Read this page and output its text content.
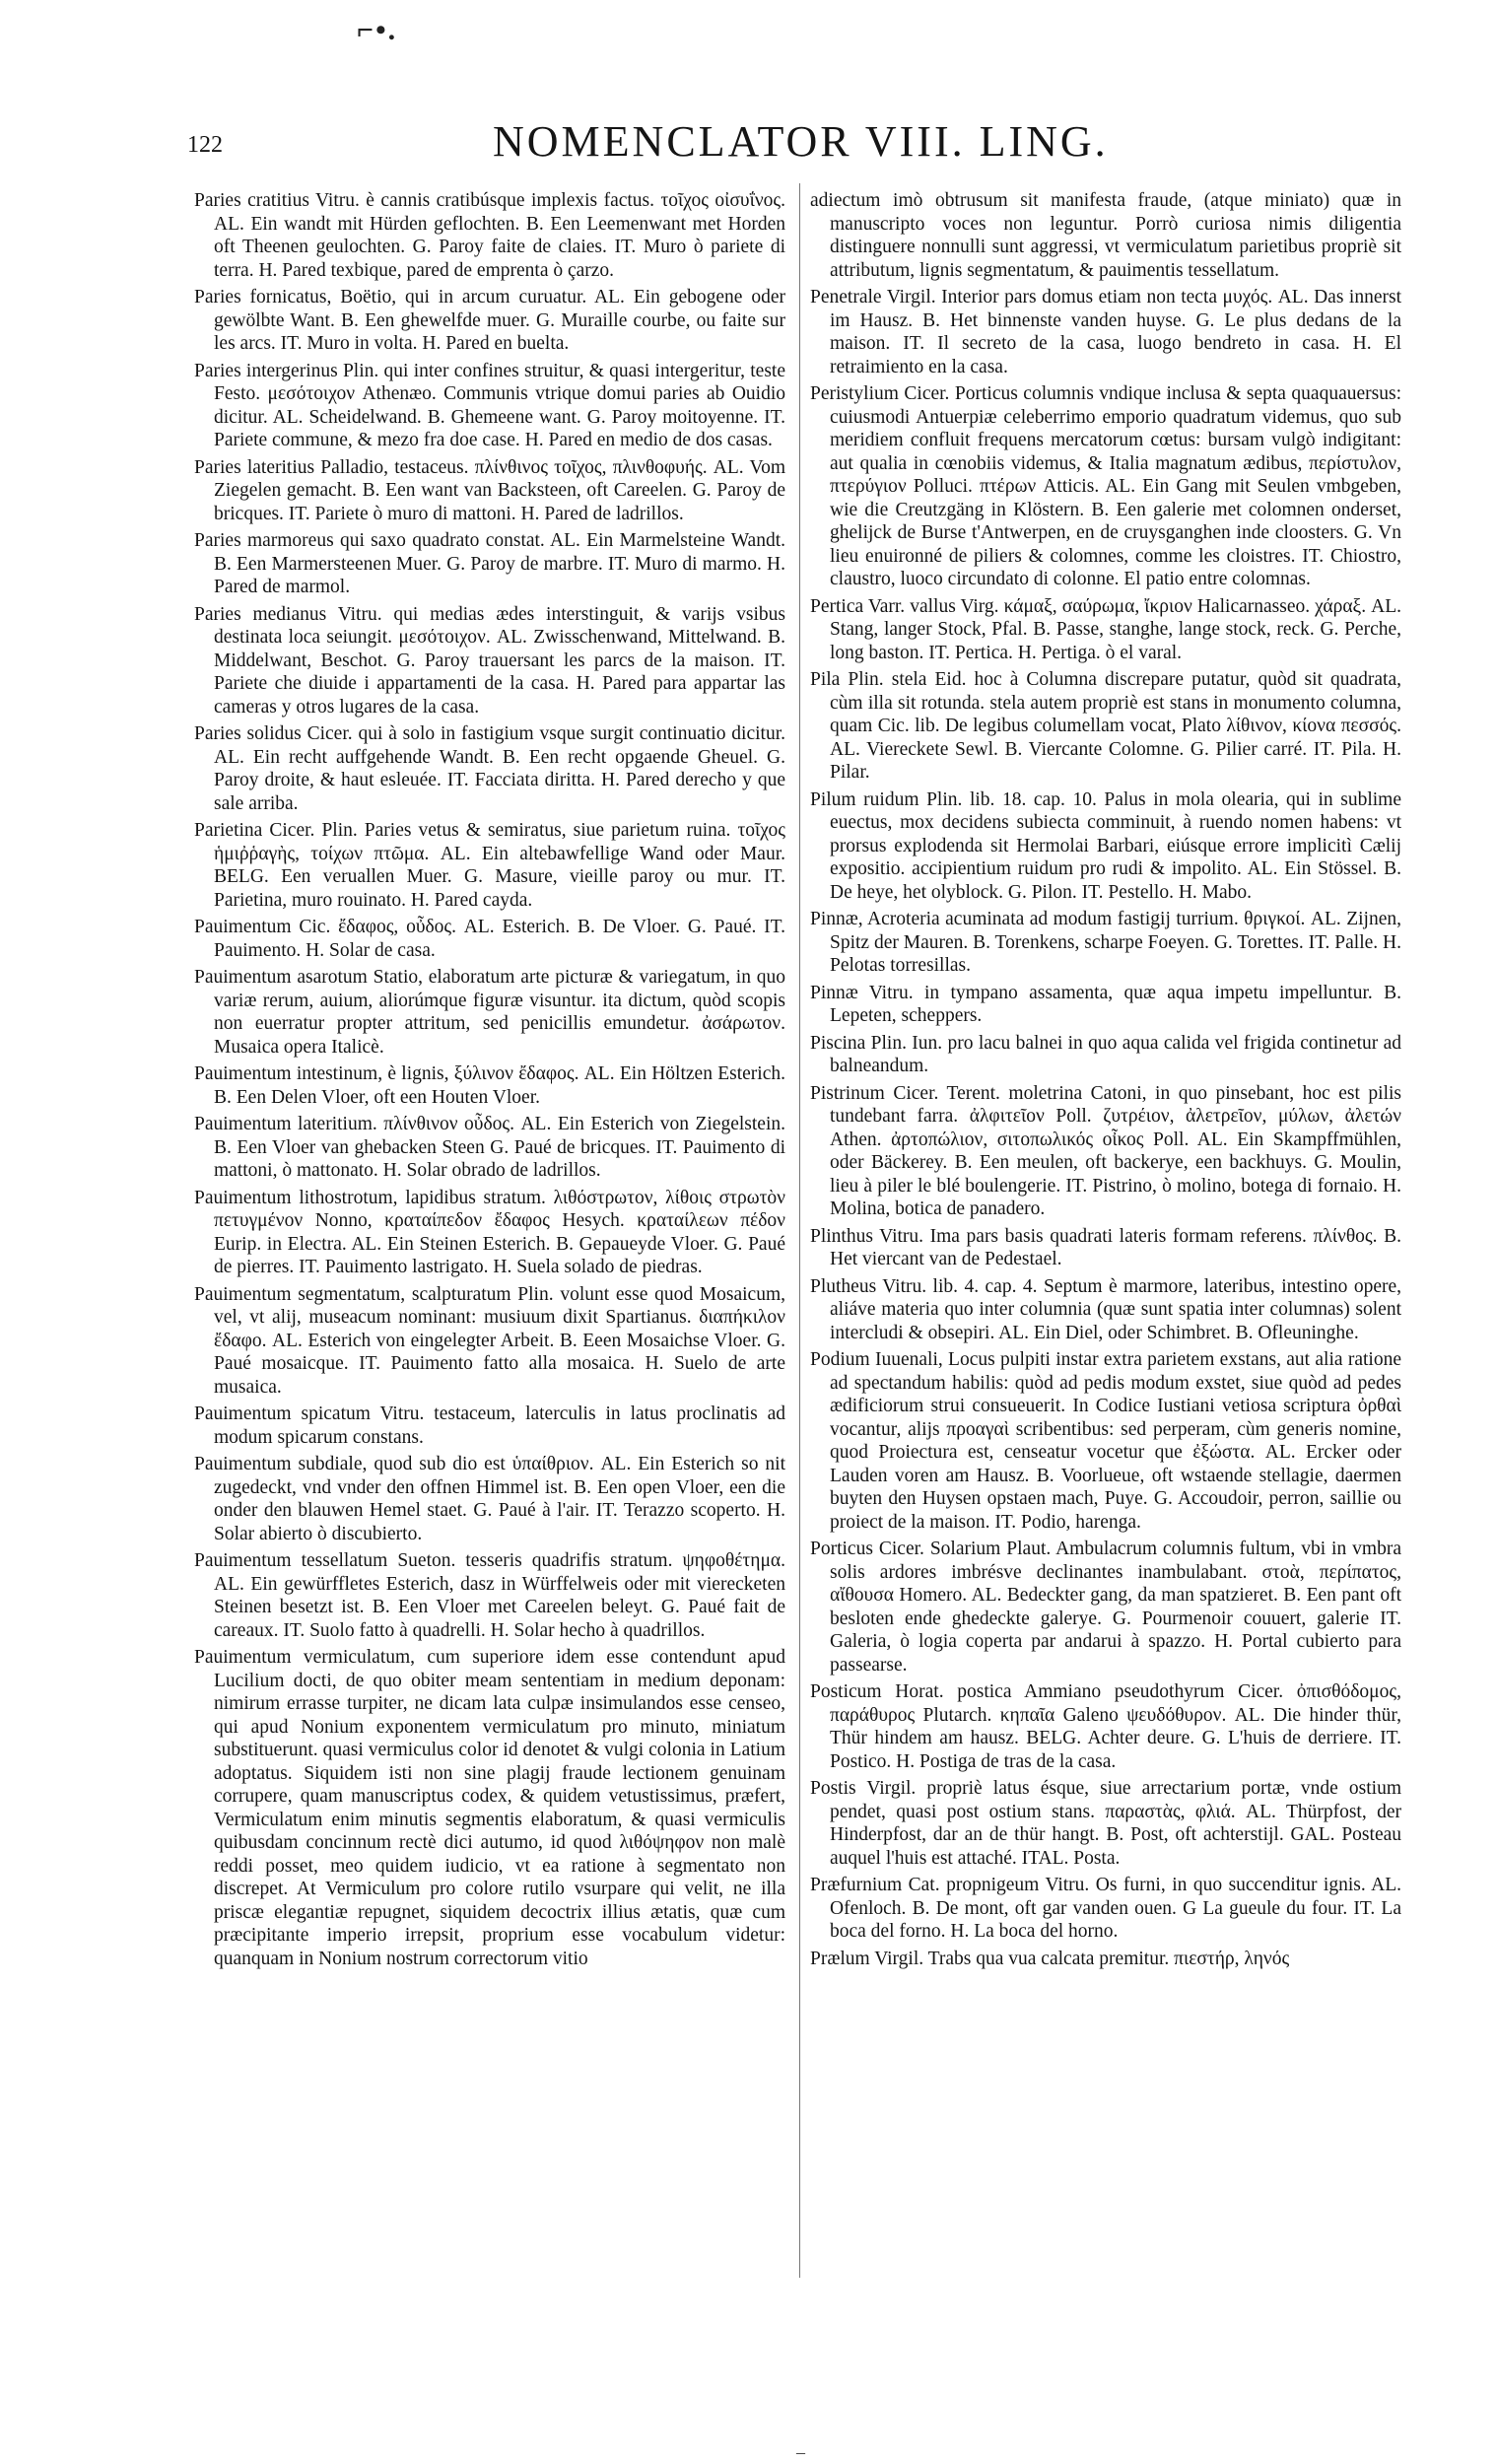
⌐•.
122	NOMENCLATOR VIII. LING.

Paries cratitius Vitru. è cannis cratibúsque implexis factus. τοῖχος οἰσυΐνος. AL. Ein wandt mit Hürden geflochten. B. Een Leemenwant met Horden oft Theenen geulochten. G. Paroy faite de claies. IT. Muro ò pariete di terra. H. Pared texbique, pared de emprenta ò çarzo.

Paries fornicatus, Boëtio, qui in arcum curuatur. AL. Ein gebogene oder gewölbte Want. B. Een ghewelfde muer. G. Muraille courbe, ou faite sur les arcs. IT. Muro in volta. H. Pared en buelta.

Paries intergerinus Plin. qui inter confines struitur, & quasi intergeritur, teste Festo. μεσότοιχον Athenæo. Communis vtrique domui paries ab Ouidio dicitur. AL. Scheidelwand. B. Ghemeene want. G. Paroy moitoyenne. IT. Pariete commune, & mezo fra doe case. H. Pared en medio de dos casas.

Paries lateritius Palladio, testaceus. πλίνθινος τοῖχος, πλινθοφυής. AL. Vom Ziegelen gemacht. B. Een want van Backsteen, oft Careelen. G. Paroy de bricques. IT. Pariete ò muro di mattoni. H. Pared de ladrillos.

Paries marmoreus qui saxo quadrato constat. AL. Ein Marmelsteine Wandt. B. Een Marmersteenen Muer. G. Paroy de marbre. IT. Muro di marmo. H. Pared de marmol.

Paries medianus Vitru. qui medias ædes interstinguit, & varijs vsibus destinata loca seiungit. μεσότοιχον. AL. Zwisschenwand, Mittelwand. B. Middelwant, Beschot. G. Paroy trauersant les parcs de la maison. IT. Pariete che diuide i appartamenti de la casa. H. Pared para appartar las cameras y otros lugares de la casa.

Paries solidus Cicer. qui à solo in fastigium vsque surgit continuatio dicitur. AL. Ein recht auffgehende Wandt. B. Een recht opgaende Gheuel. G. Paroy droite, & haut esleuée. IT. Facciata diritta. H. Pared derecho y que sale arriba.

Parietina Cicer. Plin. Paries vetus & semiratus, siue parietum ruina. τοῖχος ἡμιῤῥαγὴς, τοίχων πτῶμα. AL. Ein altebawfellige Wand oder Maur. BELG. Een veruallen Muer. G. Masure, vieille paroy ou mur. IT. Parietina, muro rouinato. H. Pared cayda.

Pauimentum Cic. ἔδαφος, οὖδος. AL. Esterich. B. De Vloer. G. Paué. IT. Pauimento. H. Solar de casa.

Pauimentum asarotum Statio, elaboratum arte picturæ & variegatum, in quo variæ rerum, auium, aliorúmque figuræ visuntur. ita dictum, quòd scopis non euerratur propter attritum, sed penicillis emundetur. ἀσάρωτον. Musaica opera Italicè.

Pauimentum intestinum, è lignis, ξύλινον ἔδαφος. AL. Ein Höltzen Esterich. B. Een Delen Vloer, oft een Houten Vloer.

Pauimentum lateritium. πλίνθινον οὖδος. AL. Ein Esterich von Ziegelstein. B. Een Vloer van ghebacken Steen G. Paué de bricques. IT. Pauimento di mattoni, ò mattonato. H. Solar obrado de ladrillos.

Pauimentum lithostrotum, lapidibus stratum. λιθόστρωτον, λίθοις στρωτὸν πετυγμένον Nonno, κραταίπεδον ἔδαφος Hesych. κραταίλεων πέδον Eurip. in Electra. AL. Ein Steinen Esterich. B. Gepaueyde Vloer. G. Paué de pierres. IT. Pauimento lastrigato. H. Suela solado de piedras.

Pauimentum segmentatum, scalpturatum Plin. volunt esse quod Mosaicum, vel, vt alij, museacum nominant: musiuum dixit Spartianus. διαπήκιλον ἔδαφο. AL. Esterich von eingelegter Arbeit. B. Eeen Mosaichse Vloer. G. Paué mosaicque. IT. Pauimento fatto alla mosaica. H. Suelo de arte musaica.

Pauimentum spicatum Vitru. testaceum, laterculis in latus proclinatis ad modum spicarum constans.

Pauimentum subdiale, quod sub dio est ὑπαίθριον. AL. Ein Esterich so nit zugedeckt, vnd vnder den offnen Himmel ist. B. Een open Vloer, een die onder den blauwen Hemel staet. G. Paué à l'air. IT. Terazzo scoperto. H. Solar abierto ò discubierto.

Pauimentum tessellatum Sueton. tesseris quadrifis stratum. ψηφοθέτημα. AL. Ein gewürffletes Esterich, dasz in Würffelweis oder mit vierecketen Steinen besetzt ist. B. Een Vloer met Careelen beleyt. G. Paué fait de careaux. IT. Suolo fatto à quadrelli. H. Solar hecho à quadrillos.

Pauimentum vermiculatum, cum superiore idem esse contendunt apud Lucilium docti, de quo obiter meam sententiam in medium deponam: nimirum errasse turpiter, ne dicam lata culpæ insimulandos esse censeo, qui apud Nonium exponentem vermiculatum pro minuto, miniatum substituerunt. quasi vermiculus color id denotet & vulgi colonia in Latium adoptatus. Siquidem isti non sine plagij fraude lectionem genuinam corrupere, quam manuscriptus codex, & quidem vetustissimus, præfert, Vermiculatum enim minutis segmentis elaboratum, & quasi vermiculis quibusdam concinnum rectè dici autumo, id quod λιθόψηφον non malè reddi posset, meo quidem iudicio, vt ea ratione à segmentato non discrepet. At Vermiculum pro colore rutilo vsurpare qui velit, ne illa priscæ elegantiæ repugnet, siquidem decoctrix illius ætatis, quæ cum præcipitante imperio irrepsit, proprium esse vocabulum videtur: quanquam in Nonium nostrum correctorum vitio

adiectum imò obtrusum sit manifesta fraude, (atque miniato) quæ in manuscripto voces non leguntur. Porrò curiosa nimis diligentia distinguere nonnulli sunt aggressi, vt vermiculatum parietibus propriè sit attributum, lignis segmentatum, & pauimentis tessellatum.

Penetrale Virgil. Interior pars domus etiam non tecta μυχός. AL. Das innerst im Hausz. B. Het binnenste vanden huyse. G. Le plus dedans de la maison. IT. Il secreto de la casa, luogo bendreto in casa. H. El retraimiento en la casa.

Peristylium Cicer. Porticus columnis vndique inclusa & septa quaquauersus: cuiusmodi Antuerpiæ celeberrimo emporio quadratum videmus, quo sub meridiem confluit frequens mercatorum cœtus: bursam vulgò indigitant: aut qualia in cœnobiis videmus, & Italia magnatum ædibus, περίστυλον, πτερύγιον Polluci. πτέρων Atticis. AL. Ein Gang mit Seulen vmbgeben, wie die Creutzgäng in Klöstern. B. Een galerie met colomnen onderset, ghelijck de Burse t'Antwerpen, en de cruysganghen inde cloosters. G. Vn lieu enuironné de piliers & colomnes, comme les cloistres. IT. Chiostro, claustro, luoco circundato di colonne. El patio entre colomnas.

Pertica Varr. vallus Virg. κάμαξ, σαύρωμα, ἴκριον Halicarnasseo. χάραξ. AL. Stang, langer Stock, Pfal. B. Passe, stanghe, lange stock, reck. G. Perche, long baston. IT. Pertica. H. Pertiga. ò el varal.

Pila Plin. stela Eid. hoc à Columna discrepare putatur, quòd sit quadrata, cùm illa sit rotunda. stela autem propriè est stans in monumento columna, quam Cic. lib. De legibus columellam vocat, Plato λίθινον, κίονα πεσσός. AL. Viereckete Sewl. B. Viercante Colomne. G. Pilier carré. IT. Pila. H. Pilar.

Pilum ruidum Plin. lib. 18. cap. 10. Palus in mola olearia, qui in sublime euectus, mox decidens subiecta comminuit, à ruendo nomen habens: vt prorsus explodenda sit Hermolai Barbari, eiúsque errore implicitì Cælij expositio. accipientium ruidum pro rudi & impolito. AL. Ein Stössel. B. De heye, het olyblock. G. Pilon. IT. Pestello. H. Mabo.

Pinnæ, Acroteria acuminata ad modum fastigij turrium. θριγκοί. AL. Zijnen, Spitz der Mauren. B. Torenkens, scharpe Foeyen. G. Torettes. IT. Palle. H. Pelotas torresillas.

Pinnæ Vitru. in tympano assamenta, quæ aqua impetu impelluntur. B. Lepeten, scheppers.

Piscina Plin. Iun. pro lacu balnei in quo aqua calida vel frigida continetur ad balneandum.

Pistrinum Cicer. Terent. moletrina Catoni, in quo pinsebant, hoc est pilis tundebant farra. ἀλφιτεῖον Poll. ζυτρέιον, ἀλετρεῖον, μύλων, ἀλετών Athen. ἀρτοπώλιον, σιτοπωλικός οἶκος Poll. AL. Ein Skampffmühlen, oder Bäckerey. B. Een meulen, oft backerye, een backhuys. G. Moulin, lieu à piler le blé boulengerie. IT. Pistrino, ò molino, botega di fornaio. H. Molina, botica de panadero.

Plinthus Vitru. Ima pars basis quadrati lateris formam referens. πλίνθος. B. Het viercant van de Pedestael.

Plutheus Vitru. lib. 4. cap. 4. Septum è marmore, lateribus, intestino opere, aliáve materia quo inter columnia (quæ sunt spatia inter columnas) solent intercludi & obsepiri. AL. Ein Diel, oder Schimbret. B. Ofleuninghe.

Podium Iuuenali, Locus pulpiti instar extra parietem exstans, aut alia ratione ad spectandum habilis: quòd ad pedis modum exstet, siue quòd ad pedes ædificiorum strui consueuerit. In Codice Iustiani vetiosa scriptura ὀρθαὶ vocantur, alijs προαγαὶ scribentibus: sed perperam, cùm generis nomine, quod Proiectura est, censeatur vocetur que ἐξώστα. AL. Ercker oder Lauden voren am Hausz. B. Voorlueue, oft wstaende stellagie, daermen buyten den Huysen opstaen mach, Puye. G. Accoudoir, perron, saillie ou proiect de la maison. IT. Podio, harenga.

Porticus Cicer. Solarium Plaut. Ambulacrum columnis fultum, vbi in vmbra solis ardores imbrésve declinantes inambulabant. στοὰ, περίπατος, αἴθουσα Homero. AL. Bedeckter gang, da man spatzieret. B. Een pant oft besloten ende ghedeckte galerye. G. Pourmenoir couuert, galerie IT. Galeria, ò logia coperta par andarui à spazzo. H. Portal cubierto para passearse.

Posticum Horat. postica Ammiano pseudothyrum Cicer. ὀπισθόδομος, παράθυρος Plutarch. κηπαῖα Galeno ψευδόθυρον. AL. Die hinder thür, Thür hindem am hausz. BELG. Achter deure. G. L'huis de derriere. IT. Postico. H. Postiga de tras de la casa.

Postis Virgil. propriè latus ésque, siue arrectarium portæ, vnde ostium pendet, quasi post ostium stans. παραστὰς, φλιά. AL. Thürpfost, der Hinderpfost, dar an de thür hangt. B. Post, oft achterstijl. GAL. Posteau auquel l'huis est attaché. ITAL. Posta.

Præfurnium Cat. propnigeum Vitru. Os furni, in quo succenditur ignis. AL. Ofenloch. B. De mont, oft gar vanden ouen. G La gueule du four. IT. La boca del forno. H. La boca del horno.

Prælum Virgil. Trabs qua vua calcata premitur. πιεστήρ, ληνός

–
